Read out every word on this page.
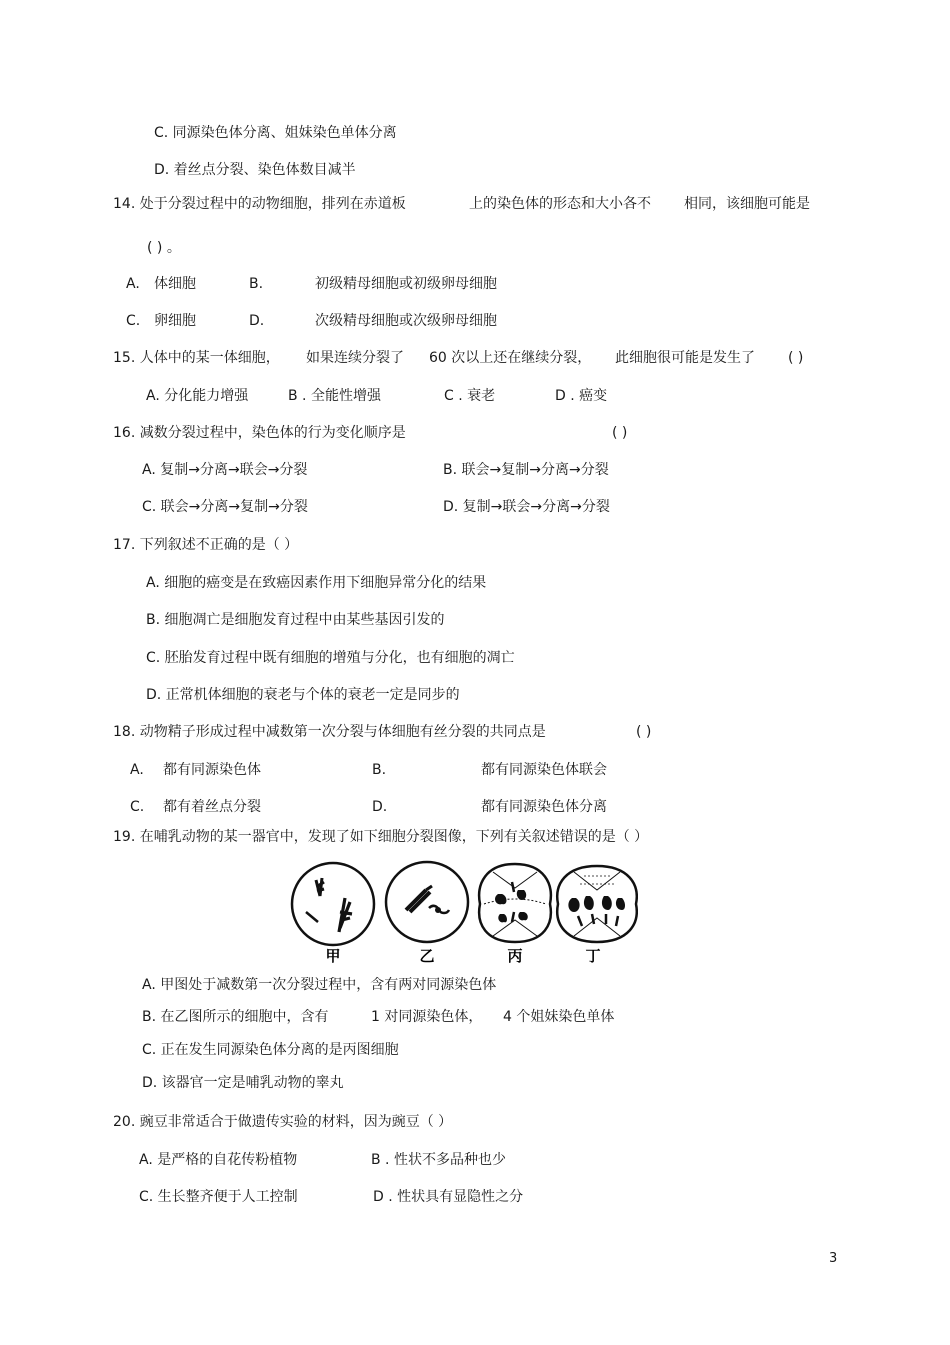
C. 同源染色体分离、姐妹染色单体分离
D. 着丝点分裂、染色体数目减半
14. 处于分裂过程中的动物细胞，排列在赤道板	上的染色体的形态和大小各不 相同，该细胞可能是
( ) 。
A. 体细胞	B.	初级精母细胞或初级卵母细胞
C. 卵细胞	D.	次级精母细胞或次级卵母细胞
15. 人体中的某一体细胞， 如果连续分裂了 60 次以上还在继续分裂， 此细胞很可能是发生了 ( )
A. 分化能力增强	B . 全能性增强	C . 衰老	D . 癌变
16. 减数分裂过程中，染色体的行为变化顺序是	( )
A. 复制→分离→联会→分裂	B. 联会→复制→分离→分裂
C. 联会→分离→复制→分裂	D. 复制→联会→分离→分裂
17. 下列叙述不正确的是（ ）
A. 细胞的癌变是在致癌因素作用下细胞异常分化的结果
B. 细胞凋亡是细胞发育过程中由某些基因引发的
C. 胚胎发育过程中既有细胞的增殖与分化，也有细胞的凋亡
D. 正常机体细胞的衰老与个体的衰老一定是同步的
18. 动物精子形成过程中减数第一次分裂与体细胞有丝分裂的共同点是	( )
A. 都有同源染色体	B.	都有同源染色体联会
C. 都有着丝点分裂	D.	都有同源染色体分离
19. 在哺乳动物的某一器官中，发现了如下细胞分裂图像，下列有关叙述错误的是（ ）
甲	乙	丙	丁
A. 甲图处于减数第一次分裂过程中，含有两对同源染色体
B. 在乙图所示的细胞中，含有	1 对同源染色体， 4 个姐妹染色单体
C. 正在发生同源染色体分离的是丙图细胞
D. 该器官一定是哺乳动物的睾丸
20. 豌豆非常适合于做遗传实验的材料，因为豌豆（ ）
A. 是严格的自花传粉植物	B . 性状不多品种也少
C. 生长整齐便于人工控制	D . 性状具有显隐性之分
3
